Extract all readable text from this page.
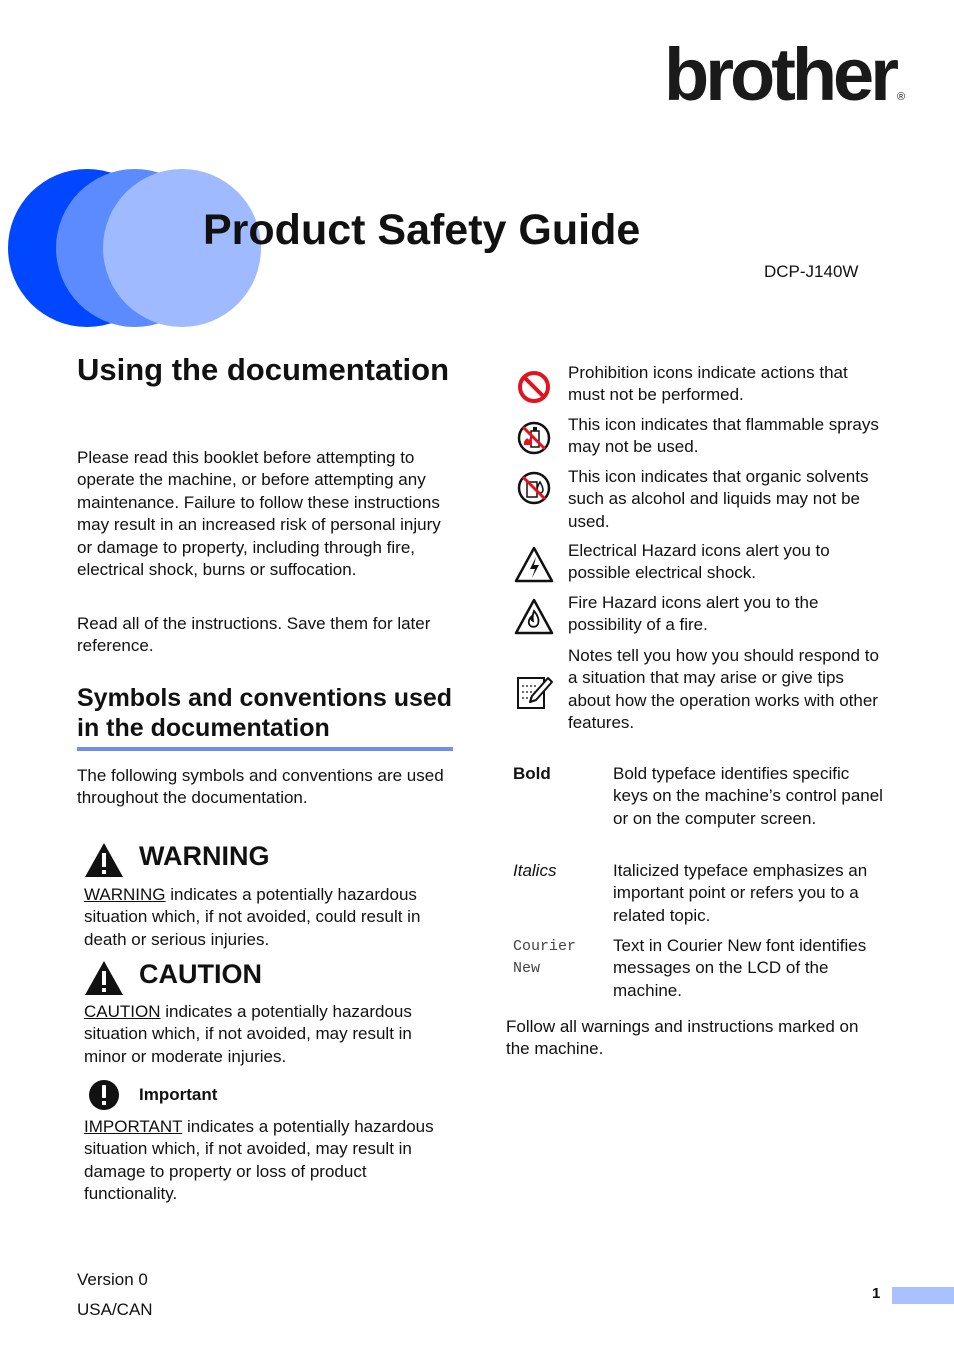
brother ®
Product Safety Guide
DCP-J140W
Using the documentation
Please read this booklet before attempting to operate the machine, or before attempting any maintenance. Failure to follow these instructions may result in an increased risk of personal injury or damage to property, including through fire, electrical shock, burns or suffocation.
Read all of the instructions. Save them for later reference.
Symbols and conventions used in the documentation
The following symbols and conventions are used throughout the documentation.
WARNING
WARNING indicates a potentially hazardous situation which, if not avoided, could result in death or serious injuries.
CAUTION
CAUTION indicates a potentially hazardous situation which, if not avoided, may result in minor or moderate injuries.
Important
IMPORTANT indicates a potentially hazardous situation which, if not avoided, may result in damage to property or loss of product functionality.
Version 0
USA/CAN
Prohibition icons indicate actions that must not be performed.
This icon indicates that flammable sprays may not be used.
This icon indicates that organic solvents such as alcohol and liquids may not be used.
Electrical Hazard icons alert you to possible electrical shock.
Fire Hazard icons alert you to the possibility of a fire.
Notes tell you how you should respond to a situation that may arise or give tips about how the operation works with other features.
Bold	Bold typeface identifies specific keys on the machine’s control panel or on the computer screen.
Italics	Italicized typeface emphasizes an important point or refers you to a related topic.
Courier New
Text in Courier New font identifies messages on the LCD of the machine.
Follow all warnings and instructions marked on the machine.
1
